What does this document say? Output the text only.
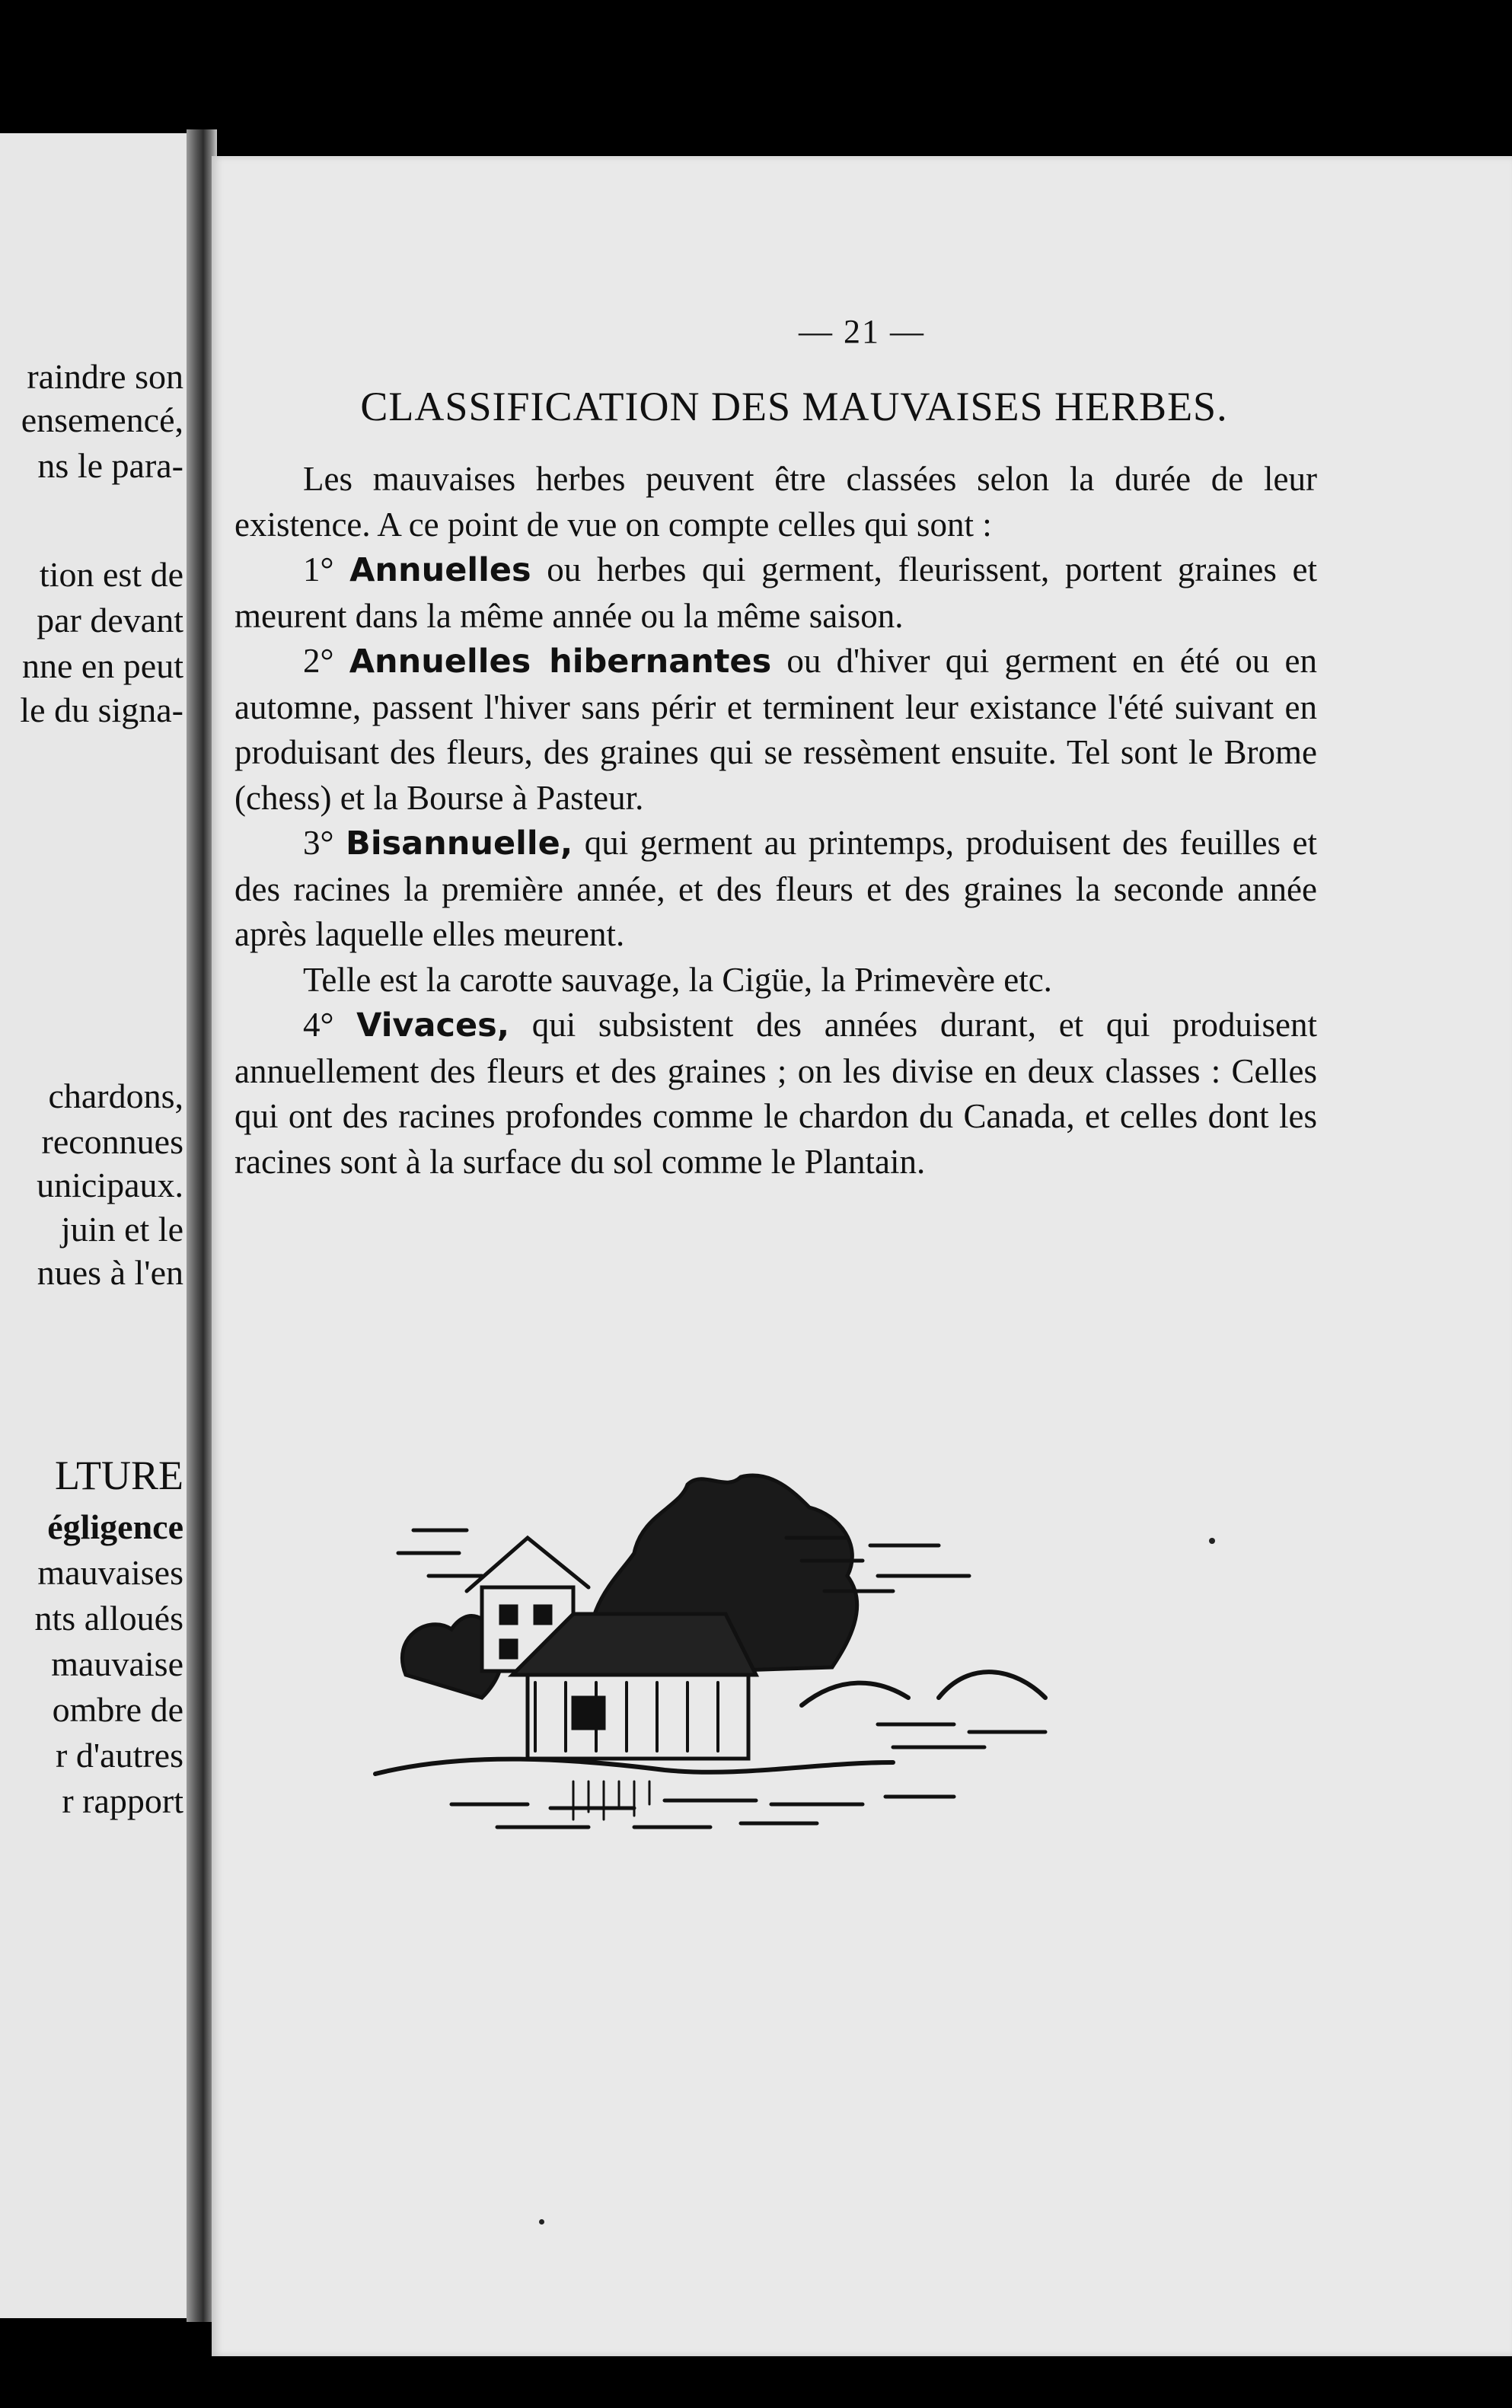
raindre son
ensemencé,
ns le para-
tion est de
par devant
nne en peut
le du signa-
chardons,
reconnues
unicipaux.
juin et le
nues à l'en
LTURE
égligence
mauvaises
nts alloués
mauvaise
ombre de
r d'autres
r rapport
— 21 —
CLASSIFICATION DES MAUVAISES HERBES.

Les mauvaises herbes peuvent être classées selon la durée de leur existence. A ce point de vue on compte celles qui sont :

1° Annuelles ou herbes qui germent, fleurissent, portent graines et meurent dans la même année ou la même saison.

2° Annuelles hibernantes ou d'hiver qui germent en été ou en automne, passent l'hiver sans périr et terminent leur existance l'été suivant en produisant des fleurs, des graines qui se ressèment ensuite. Tel sont le Brome (chess) et la Bourse à Pasteur.

3° Bisannuelle, qui germent au printemps, produisent des feuilles et des racines la première année, et des fleurs et des graines la seconde année après laquelle elles meurent.

Telle est la carotte sauvage, la Cigüe, la Primevère etc.

4° Vivaces, qui subsistent des années durant, et qui produisent annuellement des fleurs et des graines ; on les divise en deux classes : Celles qui ont des racines profondes comme le chardon du Canada, et celles dont les racines sont à la surface du sol comme le Plantain.
